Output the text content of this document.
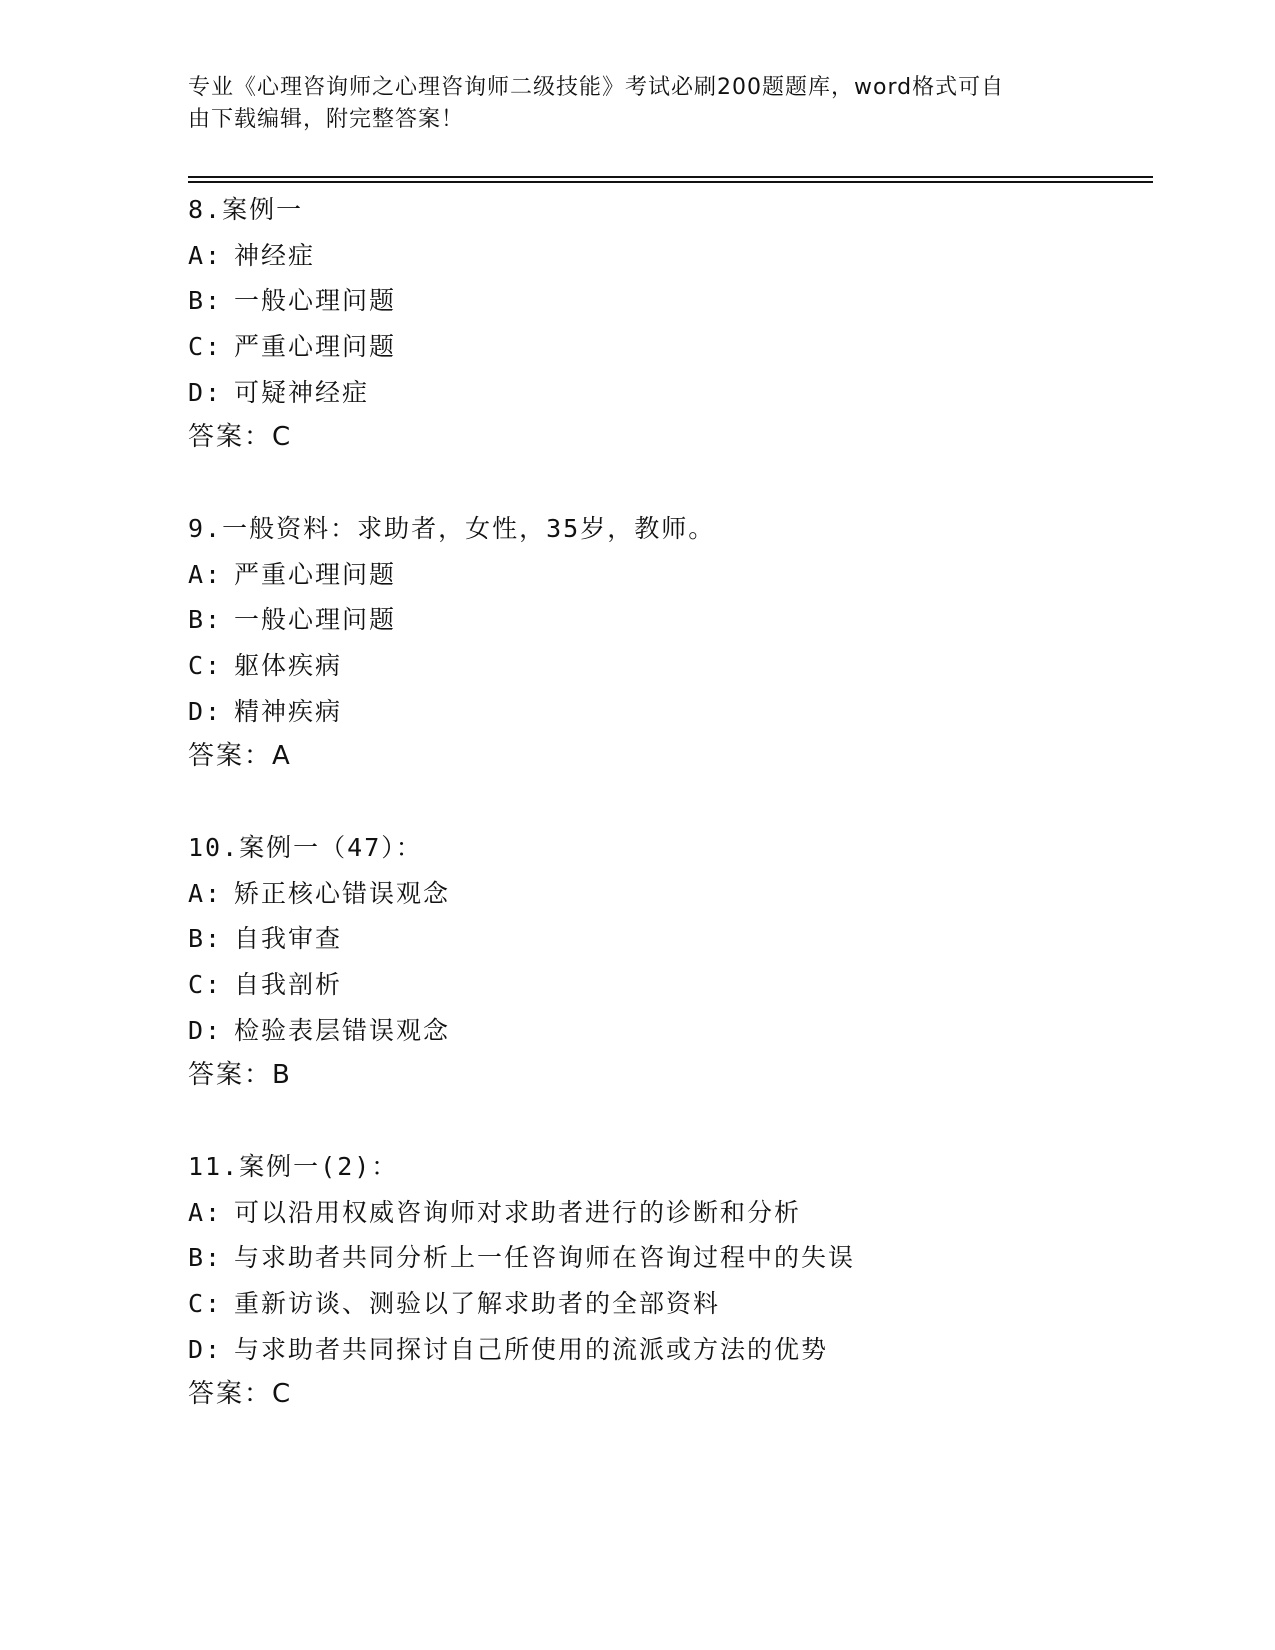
专业《心理咨询师之心理咨询师二级技能》考试必刷200题题库，word格式可自
由下载编辑，附完整答案！
8.案例一
A: 神经症
B: 一般心理问题
C: 严重心理问题
D: 可疑神经症
答案：C
9.一般资料：求助者，女性，35岁，教师。
A: 严重心理问题
B: 一般心理问题
C: 躯体疾病
D: 精神疾病
答案：A
10.案例一（47）：
A: 矫正核心错误观念
B: 自我审查
C: 自我剖析
D: 检验表层错误观念
答案：B
11.案例一(2)：
A: 可以沿用权威咨询师对求助者进行的诊断和分析
B: 与求助者共同分析上一任咨询师在咨询过程中的失误
C: 重新访谈、测验以了解求助者的全部资料
D: 与求助者共同探讨自己所使用的流派或方法的优势
答案：C
